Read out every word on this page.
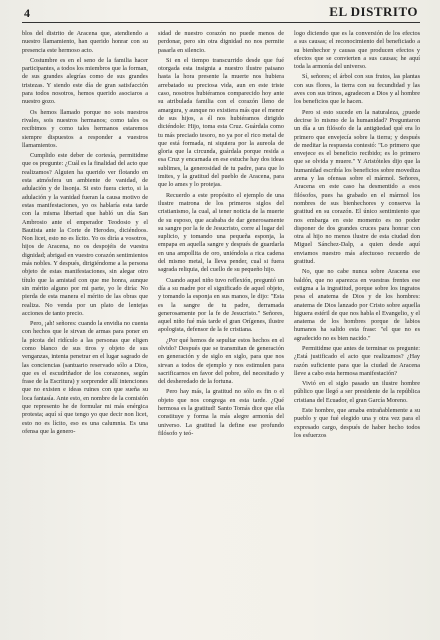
4	EL DISTRITO

blos del distrito de Aracena que, atendiendo a nuestro llamamiento, han querido honrar con su presencia este hermoso acto.

Costumbre es en el seno de la familia hacer participantes, a todos los miembros que la forman, de sus grandes alegrías como de sus grandes tristezas. Y siendo este día de gran satisfacción para todos nosotros, hemos querido asociaros a nuestro gozo.

Os hemos llamado porque no sois nuestros rivales, sois nuestros hermanos; como tales os recibimos y como tales hermanos estaremos siempre dispuestos a responder a vuestros llamamientos.

Cumplido este deber de cortesía, permitidme que os pregunte: ¿Cuál es la finalidad del acto que realizamos? Alguien ha querido ver flotando en esta atmósfera un ambiente de vanidad, de adulación y de lisonja. Si esto fuera cierto, si la adulación y la vanidad fueran la causa motivo de estas manifestaciones, yo os hablaría esta tarde con la misma libertad que habló un día San Ambrosio ante el emperador Teodosio y el Bautista ante la Corte de Herodes, diciéndoos. Non licet, esto no es lícito. Yo os diría a vosotros, hijos de Aracena, no os despojéis de vuestra dignidad; abrigad en vuestro corazón sentimientos más nobles. Y después, dirigiéndome a la persona objeto de estas manifestaciones, sin alegar otro título que la amistad con que me honra, aunque sin mérito alguno por mi parte, yo le diría: No pierda de esta manera el mérito de las obras que realiza. No venda por un plato de lentejas acciones de tanto precio.

Pero, ¡ah! señores: cuando la envidia no cuenta con hechos que le sirvan de armas para poner en la picota del ridículo a las personas que eligen como blanco de sus tiros y objeto de sus venganzas, intenta penetrar en el lugar sagrado de las conciencias (santuario reservado sólo a Dios, que es el escudriñador de los corazones, según frase de la Escritura) y sorprender allí intenciones que no existen e ideas ruines con que sueña su loca fantasía. Ante esto, en nombre de la comisión que represento he de formular mi más enérgica protesta; aquí sí que tengo yo que decir non licet, esto no es lícito, eso es una calumnia. Es una ofensa que la genero-

sidad de nuestro corazón no puede menos de perdonar, pero sin otra dignidad no nos permite pasarla en silencio.

Si en el tiempo transcurrido desde que fué otorgada esta insignia a nuestro ilustre paisano hasta la hora presente la muerte nos hubiera arrebatado su preciosa vida, aun en este triste caso, nosotros hubiéramos comparecido hoy ante su atribulada familia con el corazón lleno de amargura, y aunque no existiera más que el menor de sus hijos, a él nos hubiéramos dirigido diciéndole: Hijo, toma esta Cruz. Guárdala como tu más preciado tesoro, no ya por el rico metal de que está formada, ni siquiera por la aureola de gloria que la circunda, guárdala porque resida a esa Cruz y encarnada en ese estuche hay dos ideas sublimes, la generosidad de tu padre, para que lo imites, y la gratitud del pueblo de Aracena, para que lo ames y lo protejas.

Recuerdo a este propósito el ejemplo de una ilustre matrona de los primeros siglos del cristianismo, la cual, al tener noticia de la muerte de su esposo, que acababa de dar generosamente su sangre por la fe de Jesucristo, corre al lugar del suplicio, y tomando una pequeña esponja, la empapa en aquella sangre y después de guardarla en una ampollita de oro, uniéndola a rica cadena del mismo metal, la lleva pender, cual si fuera sagrada reliquia, del cuello de su pequeño hijo.

Cuando aquel niño tuvo reflexión, preguntó un día a su madre por el significado de aquel objeto, y tomando la esponja en sus manos, le dijo: "Esta es la sangre de tu padre, derramada generosamente por la fe de Jesucristo." Señores, aquel niño fué más tarde el gran Orígenes, ilustre apologista, defensor de la fe cristiana.

¿Por qué hemos de sepultar estos hechos en el olvido? Después que se transmitan de generación en generación y de siglo en siglo, para que nos sirvan a todos de ejemplo y nos estimulen para sacrificarnos en favor del pobre, del necesitado y del desheredado de la fortuna.

Pero hay más, la gratitud no sólo es fin o el objeto que nos congrega en esta tarde. ¿Qué hermosa es la gratitud! Santo Tomás dice que ella constituye y forma la más alegre armonía del universo. La gratitud la define ese profundo filósofo y teó-

logo diciendo que es la conversión de los efectos a sus causas; el reconocimiento del beneficiado a su bienhechor y causas que producen efectos y efectos que se convierten a sus causas; he aquí toda la armonía del universo.

Sí, señores; el árbol con sus frutos, las plantas con sus flores, la tierra con su fecundidad y las aves con sus trinos, agradecen a Dios y al hombre los beneficios que le hacen.

Pero si esto sucede en la naturaleza, ¿puede decirse lo mismo de la humanidad? Preguntaron un día a un filósofo de la antigüedad qué era lo primero que envejecía sobre la tierra; y después de meditar la respuesta contestó: "Lo primero que envejece es el beneficio recibido; es lo primero que se olvida y muere." Y Aristóteles dijo que la humanidad escribía los beneficios sobre movediza arena y las ofensas sobre el mármol. Señores, Aracena en este caso ha desmentido a esos filósofos, pues ha grabado en el mármol los nombres de sus bienhechores y conserva la gratitud en su corazón. El único sentimiento que nos embarga en este momento es no poder disponer de dos grandes cruces para honrar con otra al hijo no menos ilustre de esta ciudad don Miguel Sánchez-Dalp, a quien desde aquí enviamos nuestro más afectuoso recuerdo de gratitud.

No, que no cabe nunca sobre Aracena ese baldón, que no aparezca en vuestras frentes ese estigma a la ingratitud, porque sobre los ingratos pesa el anatema de Dios y de los hombres: anatema de Dios lanzado por Cristo sobre aquella higuera estéril de que nos habla el Evangelio, y el anatema de los hombres porque de labios humanos ha salido esta frase: "el que no es agradecido no es bien nacido."

Permitidme que antes de terminar os pregunte: ¿Está justificado el acto que realizamos? ¿Hay razón suficiente para que la ciudad de Aracena lleve a cabo esta hermosa manifestación?

Vivió en el siglo pasado un ilustre hombre público que llegó a ser presidente de la república cristiana del Ecuador, el gran García Moreno.

Este hombre, que amaba entrañablemente a su pueblo y que fué elegido una y otra vez para el expresado cargo, después de haber hecho todos los esfuerzos
